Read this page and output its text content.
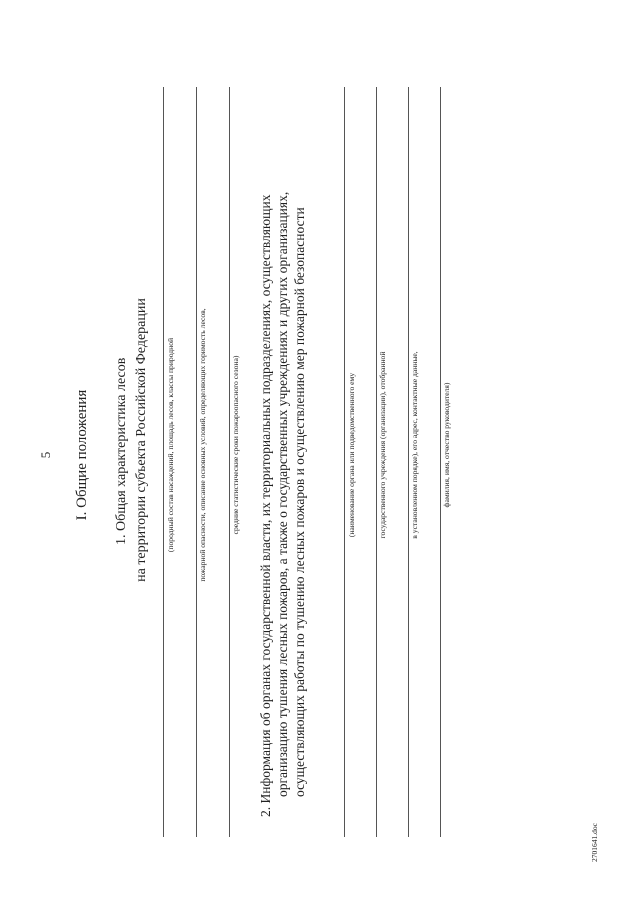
5 I. Общие положения 1. Общая характеристика лесов на территории субъекта Российской Федерации (породный состав насаждений, площадь лесов, классы природной	пожарной опасности, описание основных условий, определяющих горимость лесов,	средние статистические сроки пожароопасного сезона) 2. Информация об органах государственной власти, их территориальных подразделениях, осуществляющих организацию тушения лесных пожаров, а также о государственных учреждениях и других организациях, осуществляющих работы по тушению лесных пожаров и осуществлению мер пожарной безопасности	(наименование органа или подведомственного ему	государственного учреждения (организации), отобранной	в установленном порядке), его адрес, контактные данные,	фамилия, имя, отчество руководителя)
2701641.doc
